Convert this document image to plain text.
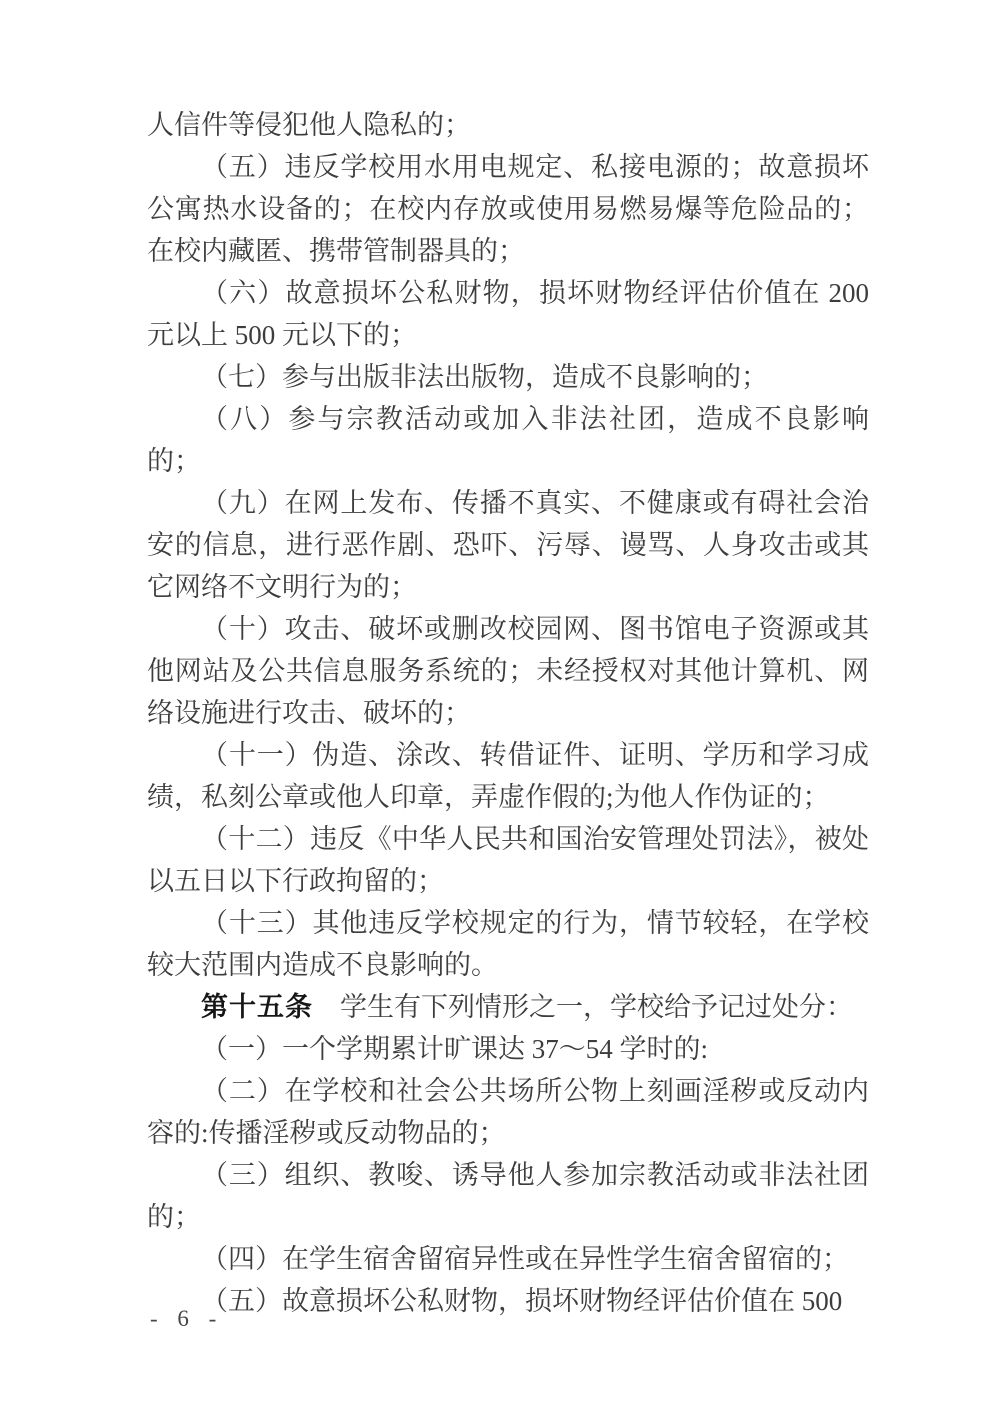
人信件等侵犯他人隐私的；

（五）违反学校用水用电规定、私接电源的；故意损坏公寓热水设备的；在校内存放或使用易燃易爆等危险品的；在校内藏匿、携带管制器具的；

（六）故意损坏公私财物，损坏财物经评估价值在 200 元以上 500 元以下的；

（七）参与出版非法出版物，造成不良影响的；

（八）参与宗教活动或加入非法社团，造成不良影响的；

（九）在网上发布、传播不真实、不健康或有碍社会治安的信息，进行恶作剧、恐吓、污辱、谩骂、人身攻击或其它网络不文明行为的；

（十）攻击、破坏或删改校园网、图书馆电子资源或其他网站及公共信息服务系统的；未经授权对其他计算机、网络设施进行攻击、破坏的；

（十一）伪造、涂改、转借证件、证明、学历和学习成绩，私刻公章或他人印章，弄虚作假的;为他人作伪证的；

（十二）违反《中华人民共和国治安管理处罚法》，被处以五日以下行政拘留的；

（十三）其他违反学校规定的行为，情节较轻，在学校较大范围内造成不良影响的。

第十五条　学生有下列情形之一，学校给予记过处分：

（一）一个学期累计旷课达 37～54 学时的:

（二）在学校和社会公共场所公物上刻画淫秽或反动内容的:传播淫秽或反动物品的；

（三）组织、教唆、诱导他人参加宗教活动或非法社团的；

（四）在学生宿舍留宿异性或在异性学生宿舍留宿的；

（五）故意损坏公私财物，损坏财物经评估价值在 500

- 6 -
